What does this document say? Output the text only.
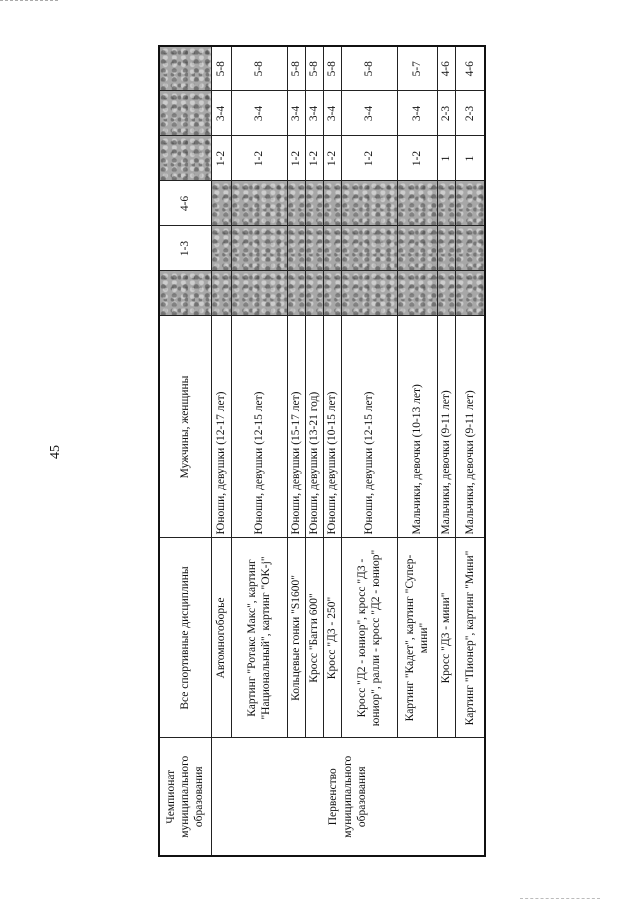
45
Чемпионат муниципального образования	Все спортивные дисциплины	Мужчины, женщины		1-3	4-6			
Первенство муниципального образования	Автомногоборье	Юноши, девушки (12-17 лет)				1-2	3-4	5-8
	Картинг "Ротакс Макс", картинг "Национальный", картинг "OK-j"	Юноши, девушки (12-15 лет)				1-2	3-4	5-8
	Кольцевые гонки "S1600"	Юноши, девушки (15-17 лет)				1-2	3-4	5-8
	Кросс "Багги 600"	Юноши, девушки (13-21 год)				1-2	3-4	5-8
	Кросс "Д3 - 250"	Юноши, девушки (10-15 лет)				1-2	3-4	5-8
	Кросс "Д2 - юниор", кросс "Д3 - юниор", ралли - кросс "Д2 - юниор"	Юноши, девушки (12-15 лет)				1-2	3-4	5-8
	Картинг "Кадет", картинг "Супер-мини"	Мальчики, девочки (10-13 лет)				1-2	3-4	5-7
	Кросс "Д3 - мини"	Мальчики, девочки (9-11 лет)				1	2-3	4-6
	Картинг "Пионер", картинг "Мини"	Мальчики, девочки (9-11 лет)				1	2-3	4-6
